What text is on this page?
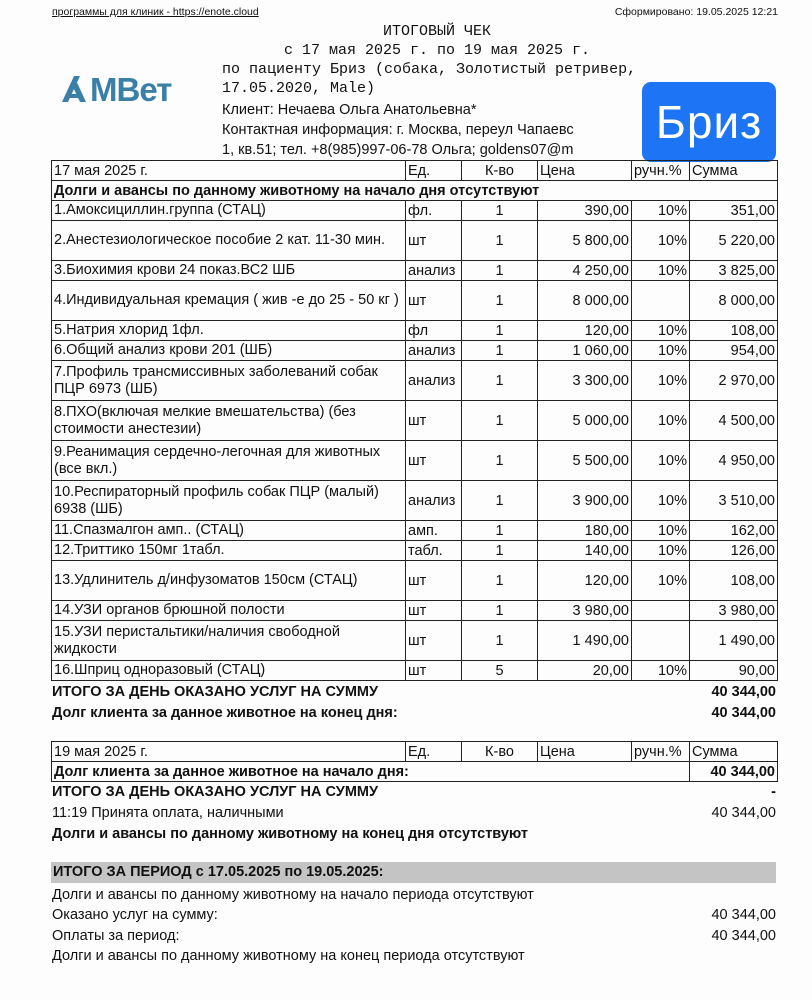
программы для клиник - https://enote.cloud	Сформировано: 19.05.2025 12:21
MВет
ИТОГОВЫЙ ЧЕК
с 17 мая 2025 г. по 19 мая 2025 г.
по пациенту Бриз (собака, Золотистый ретривер,
17.05.2020, Male)
Клиент: Нечаева Ольга Анатольевна*
Контактная информация: г. Москва, переул Чапаевс
1, кв.51; тел. +8(985)997-06-78 Ольга; goldens07@m
Бриз
17 мая 2025 г.	Ед.	К-во	Цена	ручн.%	Сумма
Долги и авансы по данному животному на начало дня отсутствуют					
1.Амоксициллин.группа (СТАЦ)	фл.	1	390,00	10%	351,00
2.Анестезиологическое пособие 2 кат. 11-30 мин.	шт	1	5 800,00	10%	5 220,00
3.Биохимия крови 24 показ.ВС2 ШБ	анализ	1	4 250,00	10%	3 825,00
4.Индивидуальная кремация ( жив -е до 25 - 50 кг )	шт	1	8 000,00		8 000,00
5.Натрия хлорид 1фл.	фл	1	120,00	10%	108,00
6.Общий анализ крови 201 (ШБ)	анализ	1	1 060,00	10%	954,00
7.Профиль трансмиссивных заболеваний собак ПЦР 6973 (ШБ)	анализ	1	3 300,00	10%	2 970,00
8.ПХО(включая мелкие вмешательства) (без стоимости анестезии)	шт	1	5 000,00	10%	4 500,00
9.Реанимация сердечно-легочная для животных (все вкл.)	шт	1	5 500,00	10%	4 950,00
10.Респираторный профиль собак ПЦР (малый) 6938 (ШБ)	анализ	1	3 900,00	10%	3 510,00
11.Спазмалгон амп.. (СТАЦ)	амп.	1	180,00	10%	162,00
12.Триттико 150мг 1табл.	табл.	1	140,00	10%	126,00
13.Удлинитель д/инфузоматов 150см (СТАЦ)	шт	1	120,00	10%	108,00
14.УЗИ органов брюшной полости	шт	1	3 980,00		3 980,00
15.УЗИ перистальтики/наличия свободной жидкости	шт	1	1 490,00		1 490,00
16.Шприц одноразовый (СТАЦ)	шт	5	20,00	10%	90,00
ИТОГО ЗА ДЕНЬ ОКАЗАНО УСЛУГ НА СУММУ	40 344,00
Долг клиента за данное животное на конец дня:	40 344,00
19 мая 2025 г.	Ед.	К-во	Цена	ручн.%	Сумма
Долг клиента за данное животное на начало дня:					40 344,00
ИТОГО ЗА ДЕНЬ ОКАЗАНО УСЛУГ НА СУММУ	-
11:19 Принята оплата, наличными	40 344,00
Долги и авансы по данному животному на конец дня отсутствуют
ИТОГО ЗА ПЕРИОД с 17.05.2025 по 19.05.2025:
Долги и авансы по данному животному на начало периода отсутствуют
Оказано услуг на сумму:	40 344,00
Оплаты за период:	40 344,00
Долги и авансы по данному животному на конец периода отсутствуют
